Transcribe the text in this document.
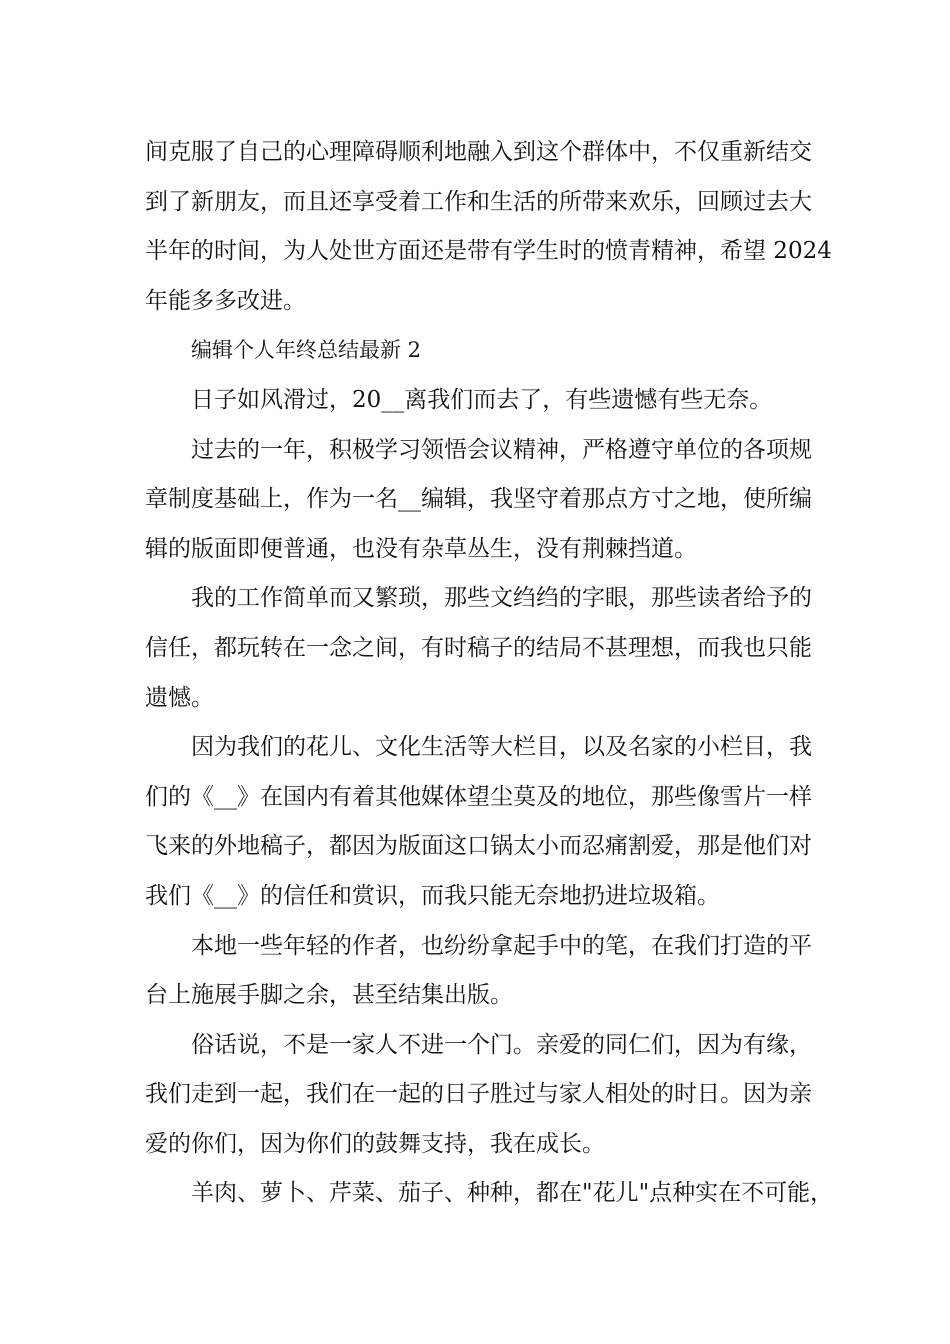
间克服了自己的心理障碍顺利地融入到这个群体中，不仅重新结交
到了新朋友，而且还享受着工作和生活的所带来欢乐，回顾过去大
半年的时间，为人处世方面还是带有学生时的愤青精神，希望 2024
年能多多改进。
编辑个人年终总结最新 2
日子如风滑过，20__离我们而去了，有些遗憾有些无奈。
过去的一年，积极学习领悟会议精神，严格遵守单位的各项规
章制度基础上，作为一名__编辑，我坚守着那点方寸之地，使所编
辑的版面即便普通，也没有杂草丛生，没有荆棘挡道。
我的工作简单而又繁琐，那些文绉绉的字眼，那些读者给予的
信任，都玩转在一念之间，有时稿子的结局不甚理想，而我也只能
遗憾。
因为我们的花儿、文化生活等大栏目，以及名家的小栏目，我
们的《__》在国内有着其他媒体望尘莫及的地位，那些像雪片一样
飞来的外地稿子，都因为版面这口锅太小而忍痛割爱，那是他们对
我们《__》的信任和赏识，而我只能无奈地扔进垃圾箱。
本地一些年轻的作者，也纷纷拿起手中的笔，在我们打造的平
台上施展手脚之余，甚至结集出版。
俗话说，不是一家人不进一个门。亲爱的同仁们，因为有缘，
我们走到一起，我们在一起的日子胜过与家人相处的时日。因为亲
爱的你们，因为你们的鼓舞支持，我在成长。
羊肉、萝卜、芹菜、茄子、种种，都在"花儿"点种实在不可能，
